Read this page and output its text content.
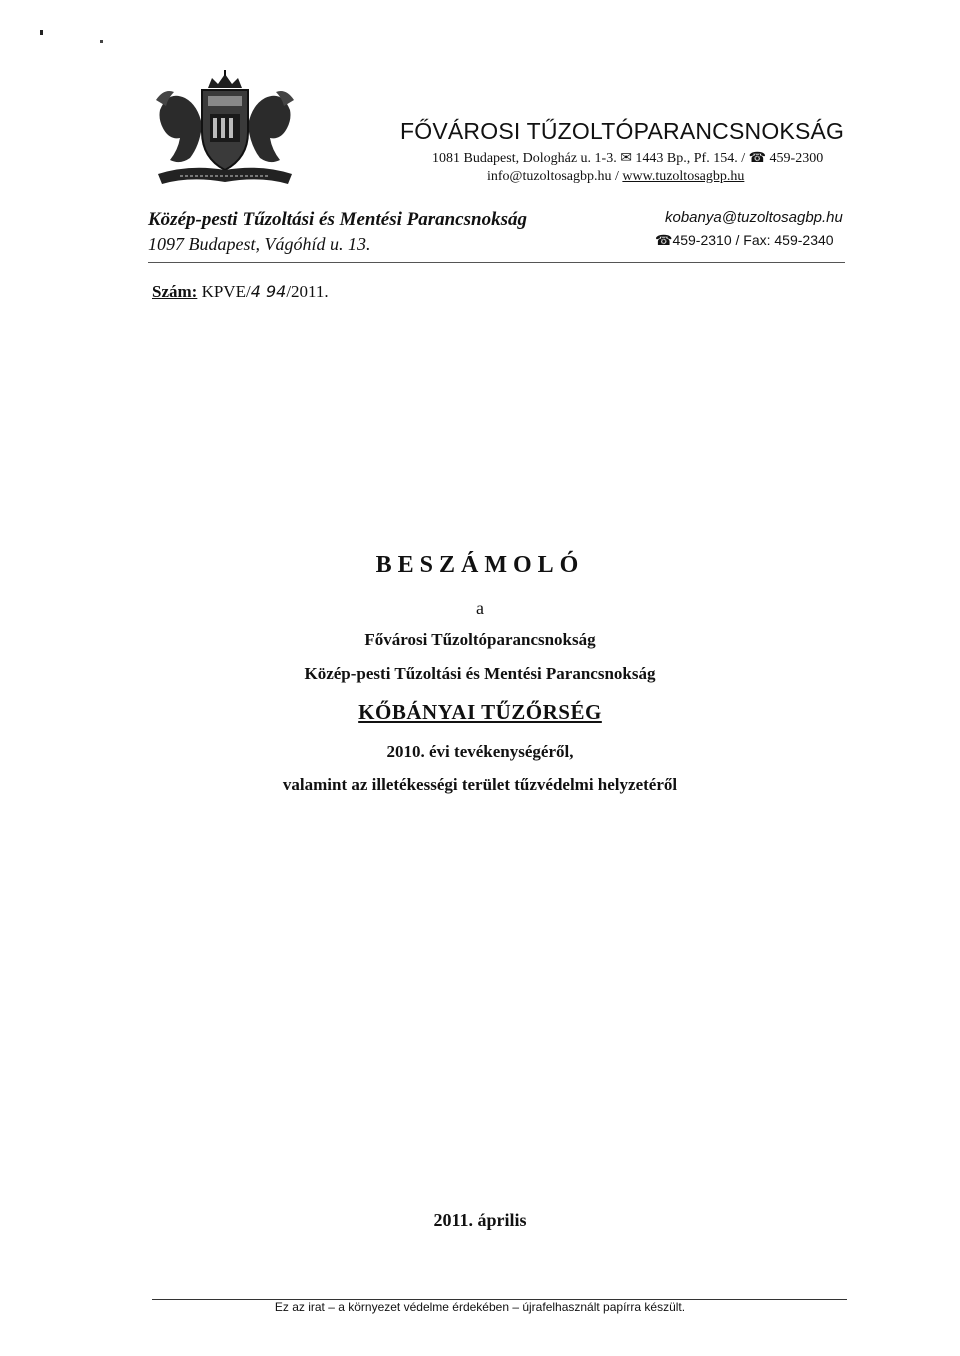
FŐVÁROSI TŰZOLTÓPARANCSNOKSÁG
1081 Budapest, Dologház u. 1-3. ✉ 1443 Bp., Pf. 154. / ☎ 459-2300
info@tuzoltosagbp.hu / www.tuzoltosagbp.hu
Közép-pesti Tűzoltási és Mentési Parancsnokság
1097 Budapest, Vágóhíd u. 13.
kobanya@tuzoltosagbp.hu
☎459-2310 / Fax: 459-2340
Szám: KPVE/4 94/2011.
BESZÁMOLÓ
a
Fővárosi Tűzoltóparancsnokság
Közép-pesti Tűzoltási és Mentési Parancsnokság
KŐBÁNYAI TŰZŐRSÉG
2010. évi tevékenységéről,
valamint az illetékességi terület tűzvédelmi helyzetéről
2011. április
Ez az irat – a környezet védelme érdekében – újrafelhasznált papírra készült.
